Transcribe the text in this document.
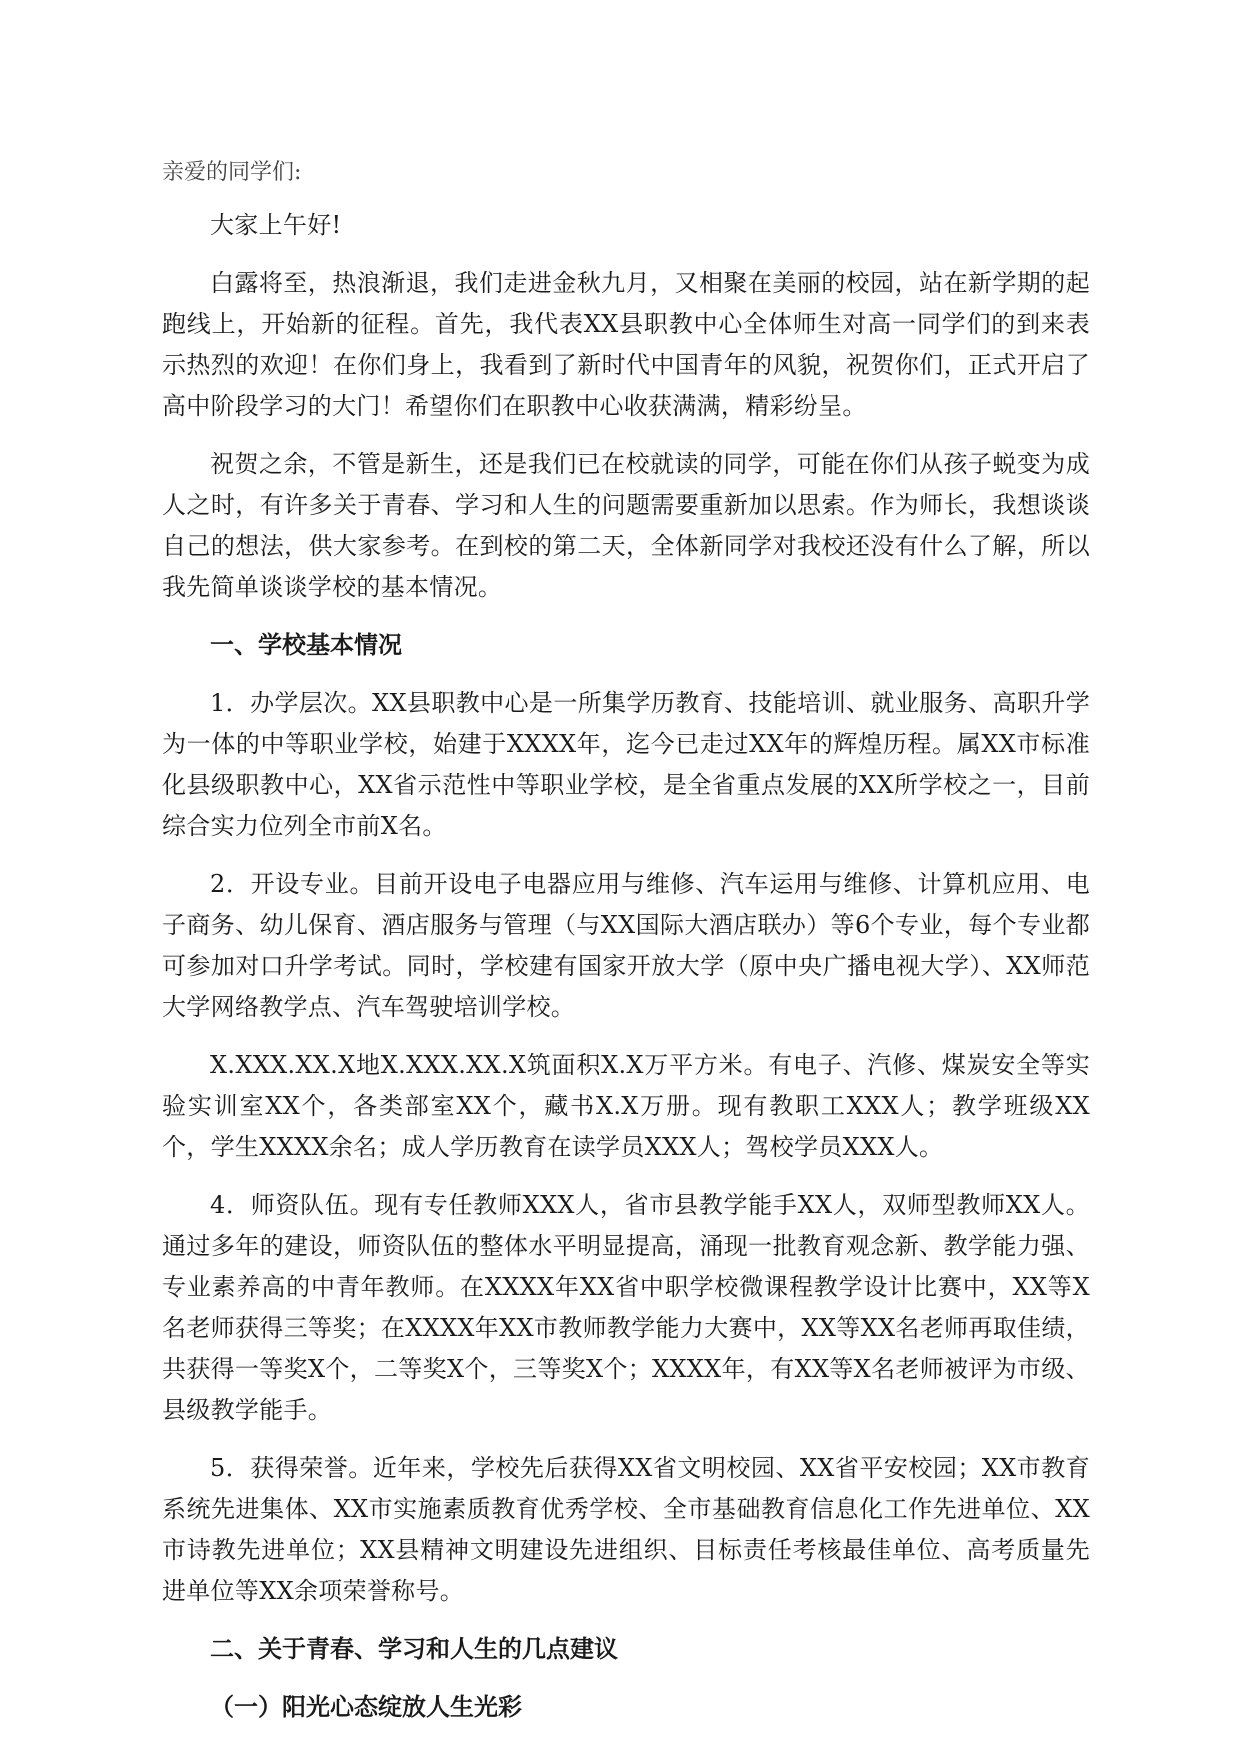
亲爱的同学们:

大家上午好!

白露将至，热浪渐退，我们走进金秋九月，又相聚在美丽的校园，站在新学期的起跑线上，开始新的征程。首先，我代表XX县职教中心全体师生对高一同学们的到来表示热烈的欢迎！在你们身上，我看到了新时代中国青年的风貌，祝贺你们，正式开启了高中阶段学习的大门！希望你们在职教中心收获满满，精彩纷呈。

祝贺之余，不管是新生，还是我们已在校就读的同学，可能在你们从孩子蜕变为成人之时，有许多关于青春、学习和人生的问题需要重新加以思索。作为师长，我想谈谈自己的想法，供大家参考。在到校的第二天，全体新同学对我校还没有什么了解，所以我先简单谈谈学校的基本情况。

一、学校基本情况

1．办学层次。XX县职教中心是一所集学历教育、技能培训、就业服务、高职升学为一体的中等职业学校，始建于XXXX年，迄今已走过XX年的辉煌历程。属XX市标准化县级职教中心，XX省示范性中等职业学校，是全省重点发展的XX所学校之一，目前综合实力位列全市前X名。

2．开设专业。目前开设电子电器应用与维修、汽车运用与维修、计算机应用、电子商务、幼儿保育、酒店服务与管理（与XX国际大酒店联办）等6个专业，每个专业都可参加对口升学考试。同时，学校建有国家开放大学（原中央广播电视大学）、XX师范大学网络教学点、汽车驾驶培训学校。

X.XXX.XX.X地X.XXX.XX.X筑面积X.X万平方米。有电子、汽修、煤炭安全等实验实训室XX个，各类部室XX个，藏书X.X万册。现有教职工XXX人；教学班级XX个，学生XXXX余名；成人学历教育在读学员XXX人；驾校学员XXX人。

4．师资队伍。现有专任教师XXX人，省市县教学能手XX人，双师型教师XX人。通过多年的建设，师资队伍的整体水平明显提高，涌现一批教育观念新、教学能力强、专业素养高的中青年教师。在XXXX年XX省中职学校微课程教学设计比赛中，XX等X名老师获得三等奖；在XXXX年XX市教师教学能力大赛中，XX等XX名老师再取佳绩，共获得一等奖X个，二等奖X个，三等奖X个；XXXX年，有XX等X名老师被评为市级、县级教学能手。

5．获得荣誉。近年来，学校先后获得XX省文明校园、XX省平安校园；XX市教育系统先进集体、XX市实施素质教育优秀学校、全市基础教育信息化工作先进单位、XX市诗教先进单位；XX县精神文明建设先进组织、目标责任考核最佳单位、高考质量先进单位等XX余项荣誉称号。

二、关于青春、学习和人生的几点建议
（一）阳光心态绽放人生光彩
